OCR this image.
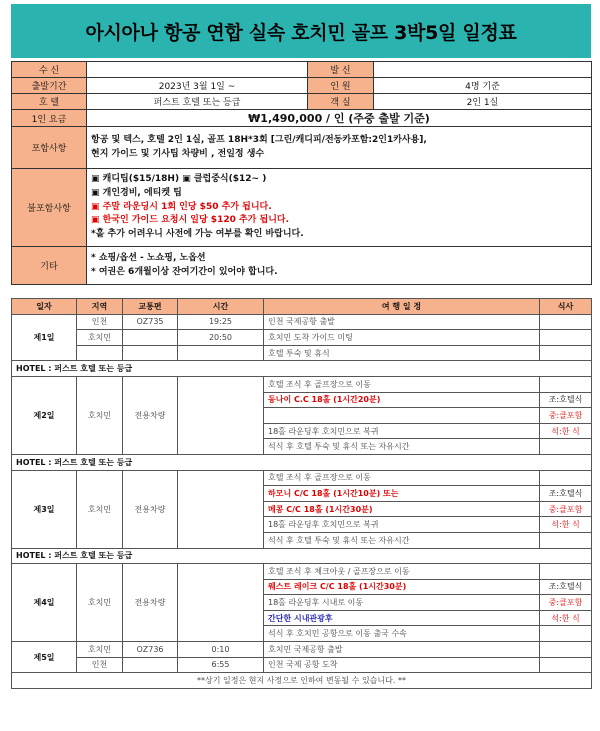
아시아나 항공 연합 실속 호치민 골프 3박5일 일정표
수 신		발 신	
출발기간	2023년 3월 1일 ~	인 원	4명 기준
호 텔	퍼스트 호텔 또는 등급	객 실	2인 1실
1인 요금	₩1,490,000 / 인 (주중 출발 기준)		
포함사항	항공 및 텍스, 호텔 2인 1실, 골프 18H*3회 [그린/캐디피/전동카포함:2인1카사용],
현지 가이드 및 기사팁 차량비 , 전일정 생수		

불포함사항	▣ 캐디팁($15/18H) ▣ 클럽중식($12~ )
▣ 개인경비, 에티켓 팁
▣ 주말 라운딩시 1회 인당 $50 추가 됩니다.
▣ 한국인 가이드 요청시 일당 $120 추가 됩니다.
*홀 추가 어려우니 사전에 가능 여부를 확인 바랍니다.		

기타	* 쇼핑/옵션 - 노쇼핑, 노옵션
* 여권은 6개월이상 잔여기간이 있어야 합니다.		
일자	지역	교통편	시간	여 행 일 정	식사
제1일	인천	OZ735	19:25	인천 국제공항 출발	
	호치민		20:50	호치민 도착 가이드 미팅	
				호텔 투숙 및 휴식	
HOTEL : 퍼스트 호텔 또는 등급					
제2일	호치민	전용차량		호텔 조식 후 골프장으로 이동	
				동나이 C.C 18홀 (1시간20분)	조:호텔식
					중:클포함
				18홀 라운딩후 호치민으로 복귀	석:한 식
				석식 후 호텔 투숙 및 휴식 또는 자유시간	
HOTEL : 퍼스트 호텔 또는 등급					
제3일	호치민	전용차량		호텔 조식 후 골프장으로 이동	
				하모니 C/C 18홀 (1시간10분) 또는	조:호텔식
				메콩 C/C 18홀 (1시간30분)	중:클포함
				18홀 라운딩후 호치민으로 복귀	석:한 식
				석식 후 호텔 투숙 및 휴식 또는 자유시간	
HOTEL : 퍼스트 호텔 또는 등급					
제4일	호치민	전용차량		호텔 조식 후 체크아웃 / 골프장으로 이동	
				웨스트 레이크 C/C 18홀 (1시간30분)	조:호텔식
				18홀 라운딩후 시내로 이동	중:클포함
				간단한 시내관광후	석:한 식
				석식 후 호치민 공항으로 이동 출국 수속	
제5일	호치민	OZ736	0:10	호치민 국제공항 출발	
	인천		6:55	인천 국제 공항 도착	
**상기 일정은 현지 사정으로 인하여 변동될 수 있습니다. **					
